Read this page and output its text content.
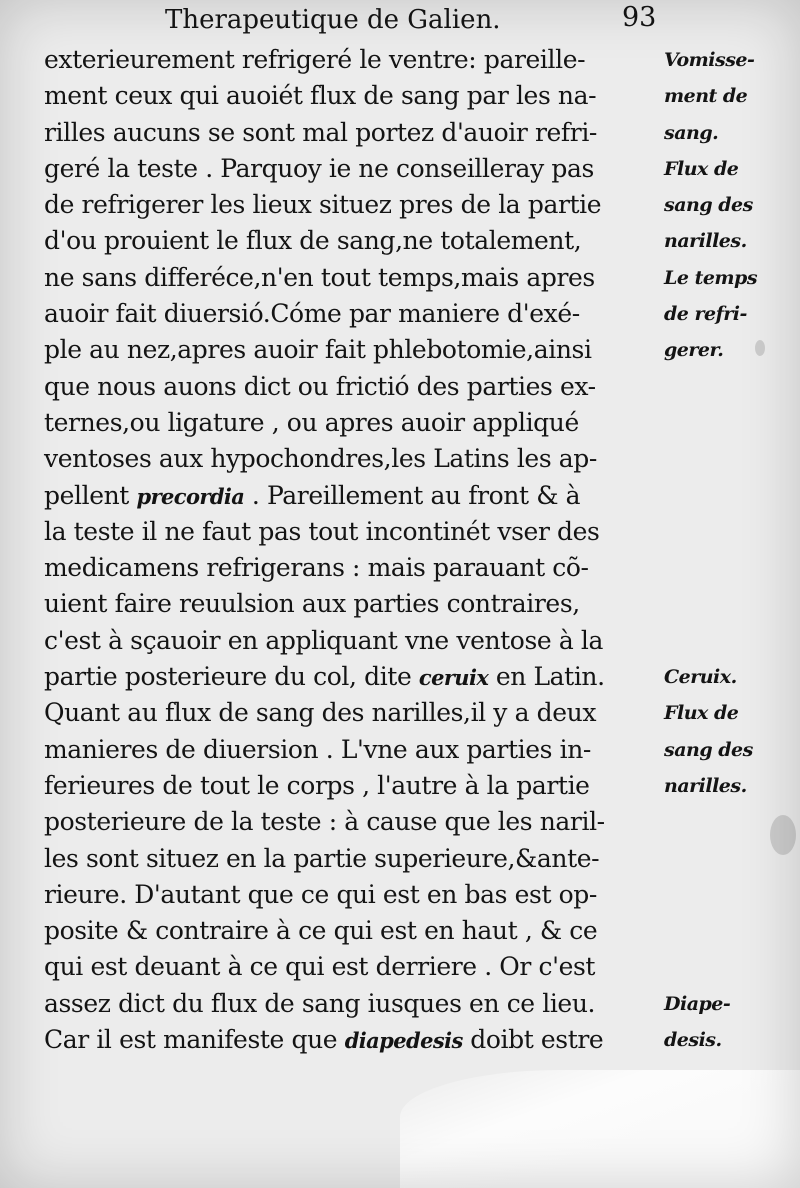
Therapeutique de Galien.	93
exterieurement refrigeré le ventre: pareille-
ment ceux qui auoiét flux de sang par les na-
rilles aucuns se sont mal portez d'auoir refri-
geré la teste . Parquoy ie ne conseilleray pas
de refrigerer les lieux situez pres de la partie
d'ou prouient le flux de sang,ne totalement,
ne sans differéce,n'en tout temps,mais apres
auoir fait diuersió.Cóme par maniere d'exé-
ple au nez,apres auoir fait phlebotomie,ainsi
que nous auons dict ou frictió des parties ex-
ternes,ou ligature , ou apres auoir appliqué
ventoses aux hypochondres,les Latins les ap-
pellent precordia . Pareillement au front & à
la teste il ne faut pas tout incontinét vser des
medicamens refrigerans : mais parauant cõ-
uient faire reuulsion aux parties contraires,
c'est à sçauoir en appliquant vne ventose à la
partie posterieure du col, dite ceruix en Latin.
Quant au flux de sang des narilles,il y a deux
manieres de diuersion . L'vne aux parties in-
ferieures de tout le corps , l'autre à la partie
posterieure de la teste : à cause que les naril-
les sont situez en la partie superieure,&ante-
rieure. D'autant que ce qui est en bas est op-
posite & contraire à ce qui est en haut , & ce
qui est deuant à ce qui est derriere . Or c'est
assez dict du flux de sang iusques en ce lieu.
Car il est manifeste que diapedesis doibt estre
Vomisse-
ment de
sang.
Flux de
sang des
narilles.
Le temps
de refri-
gerer.
Ceruix.
Flux de
sang des
narilles.
Diape-
desis.
